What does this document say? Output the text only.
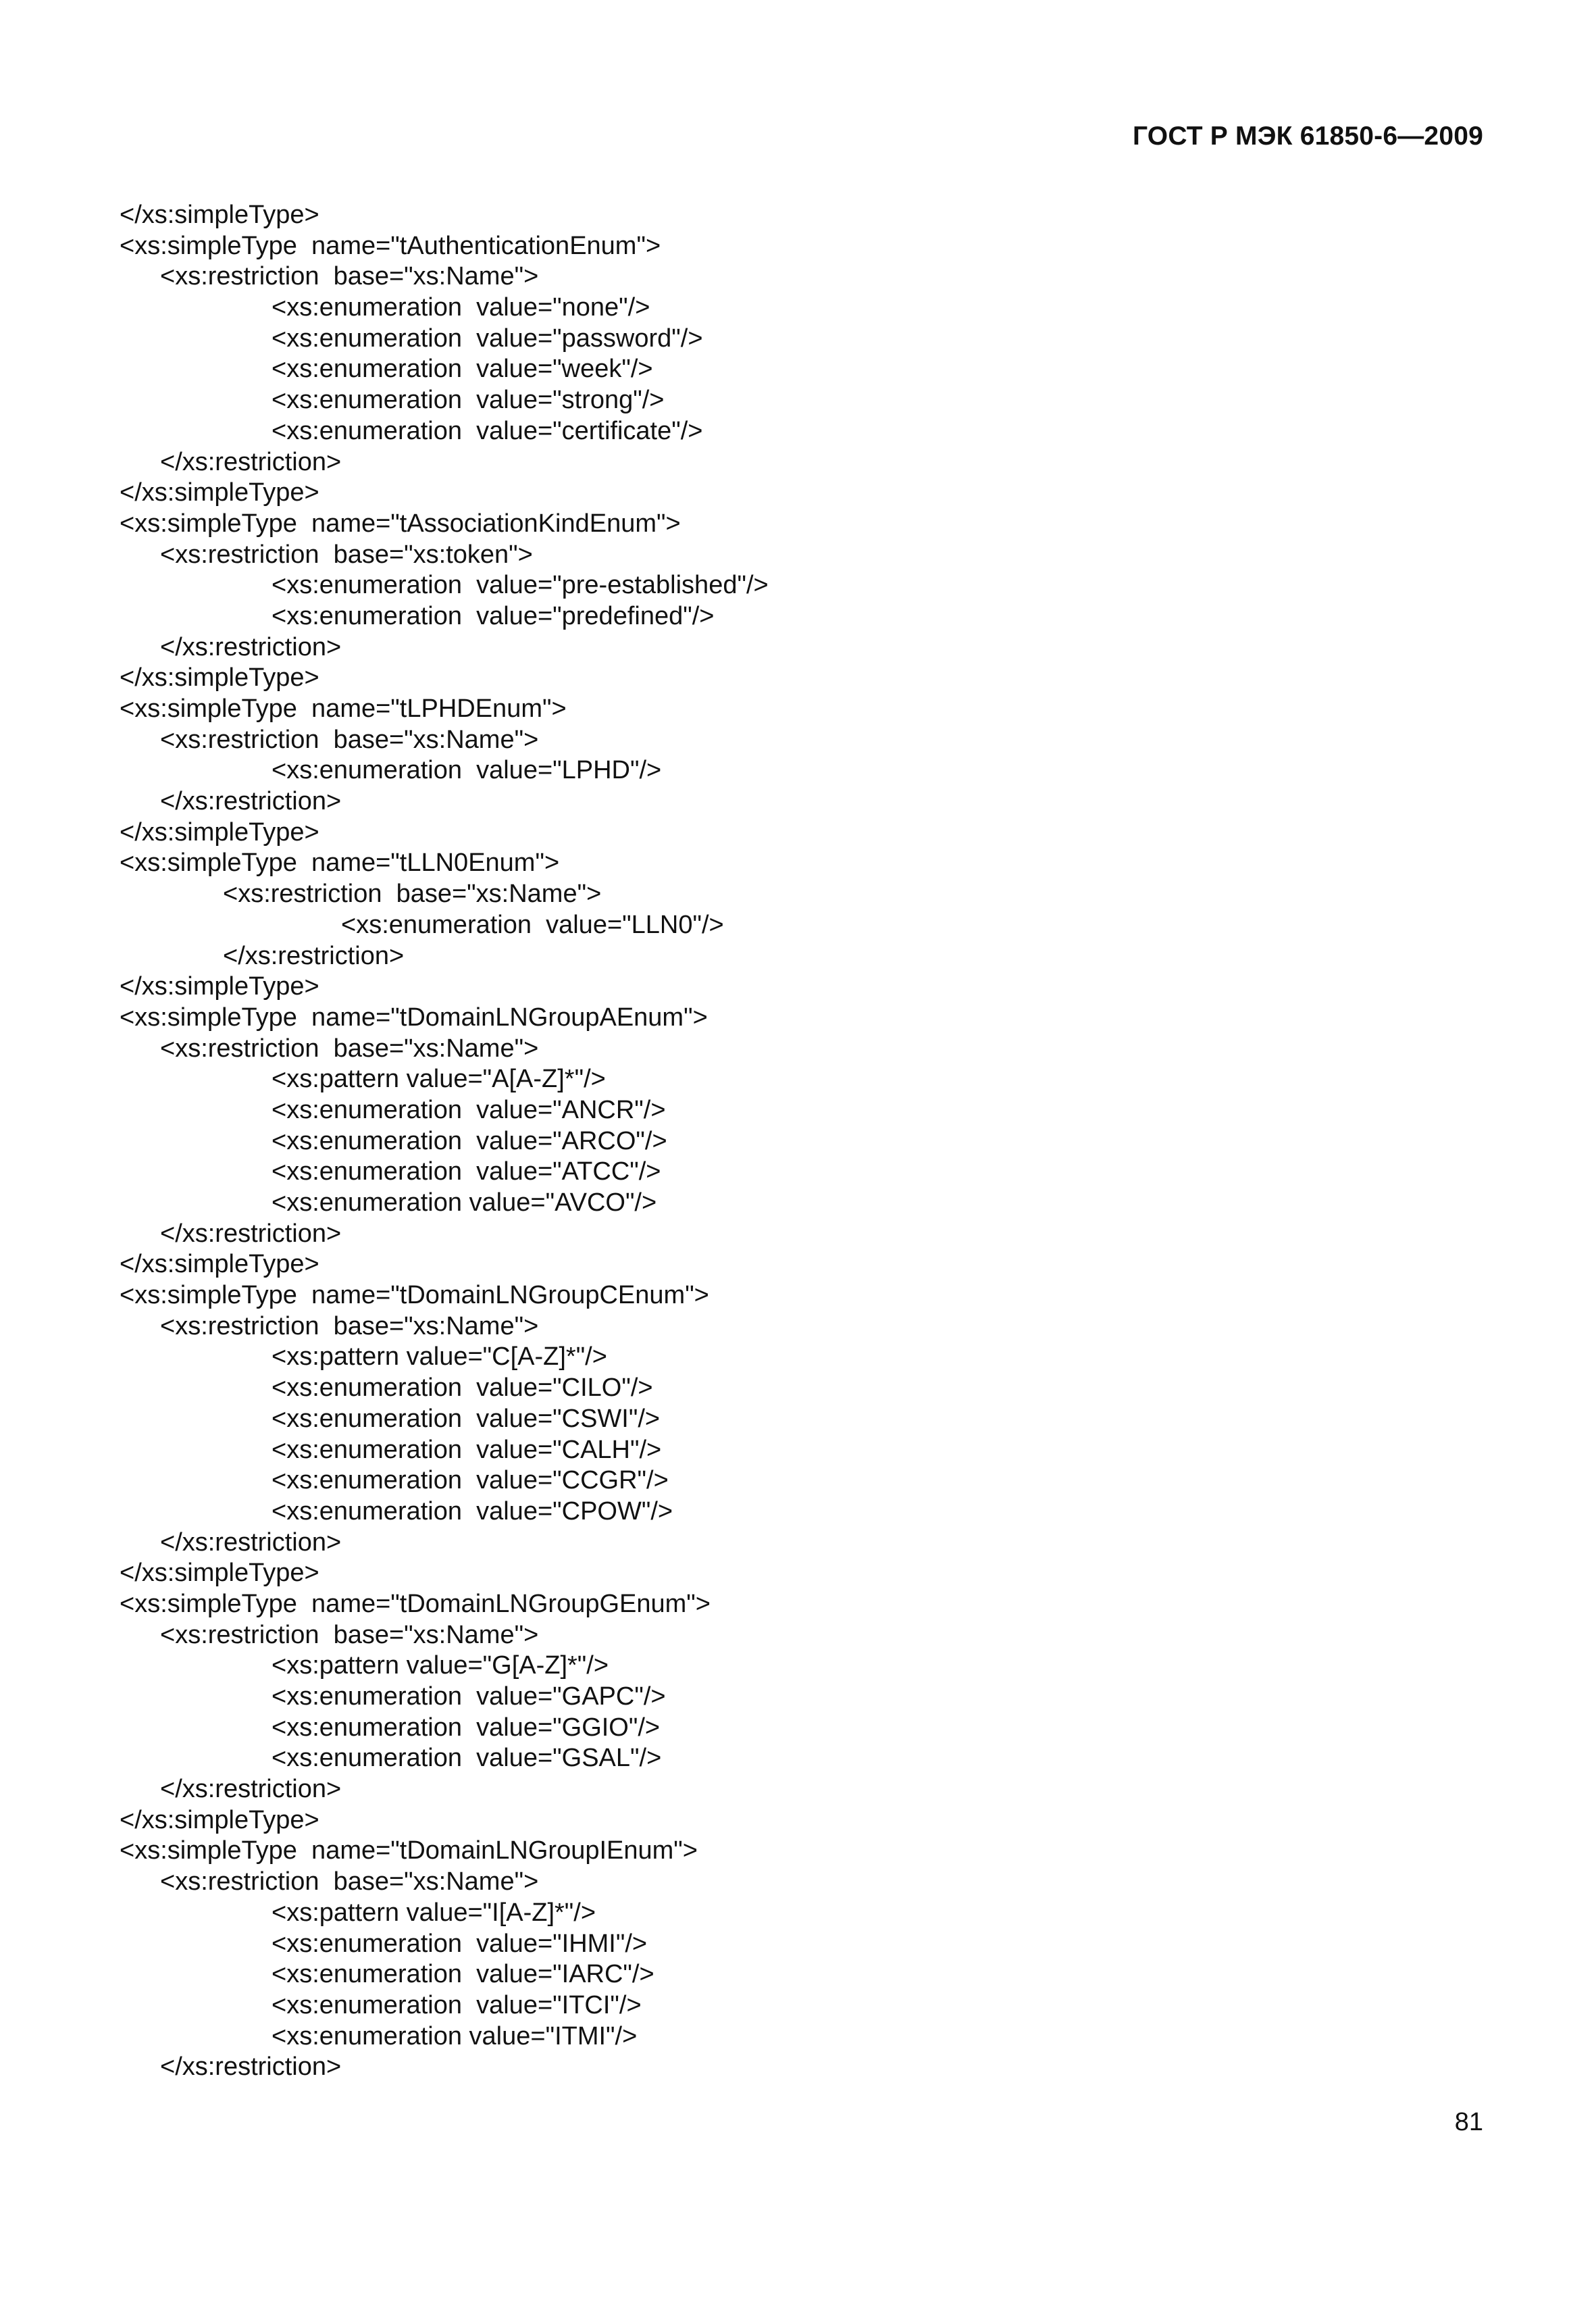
ГОСТ Р МЭК 61850-6—2009
</xs:simpleType>
<xs:simpleType  name="tAuthenticationEnum">
<xs:restriction  base="xs:Name">
<xs:enumeration  value="none"/>
<xs:enumeration  value="password"/>
<xs:enumeration  value="week"/>
<xs:enumeration  value="strong"/>
<xs:enumeration  value="certificate"/>
</xs:restriction>
</xs:simpleType>
<xs:simpleType  name="tAssociationKindEnum">
<xs:restriction  base="xs:token">
<xs:enumeration  value="pre-established"/>
<xs:enumeration  value="predefined"/>
</xs:restriction>
</xs:simpleType>
<xs:simpleType  name="tLPHDEnum">
<xs:restriction  base="xs:Name">
<xs:enumeration  value="LPHD"/>
</xs:restriction>
</xs:simpleType>
<xs:simpleType  name="tLLN0Enum">
<xs:restriction  base="xs:Name">
<xs:enumeration  value="LLN0"/>
</xs:restriction>
</xs:simpleType>
<xs:simpleType  name="tDomainLNGroupAEnum">
<xs:restriction  base="xs:Name">
<xs:pattern value="A[A-Z]*"/>
<xs:enumeration  value="ANCR"/>
<xs:enumeration  value="ARCO"/>
<xs:enumeration  value="ATCC"/>
<xs:enumeration value="AVCO"/>
</xs:restriction>
</xs:simpleType>
<xs:simpleType  name="tDomainLNGroupCEnum">
<xs:restriction  base="xs:Name">
<xs:pattern value="C[A-Z]*"/>
<xs:enumeration  value="CILO"/>
<xs:enumeration  value="CSWI"/>
<xs:enumeration  value="CALH"/>
<xs:enumeration  value="CCGR"/>
<xs:enumeration  value="CPOW"/>
</xs:restriction>
</xs:simpleType>
<xs:simpleType  name="tDomainLNGroupGEnum">
<xs:restriction  base="xs:Name">
<xs:pattern value="G[A-Z]*"/>
<xs:enumeration  value="GAPC"/>
<xs:enumeration  value="GGIO"/>
<xs:enumeration  value="GSAL"/>
</xs:restriction>
</xs:simpleType>
<xs:simpleType  name="tDomainLNGroupIEnum">
<xs:restriction  base="xs:Name">
<xs:pattern value="I[A-Z]*"/>
<xs:enumeration  value="IHMI"/>
<xs:enumeration  value="IARC"/>
<xs:enumeration  value="ITCI"/>
<xs:enumeration value="ITMI"/>
</xs:restriction>
81
